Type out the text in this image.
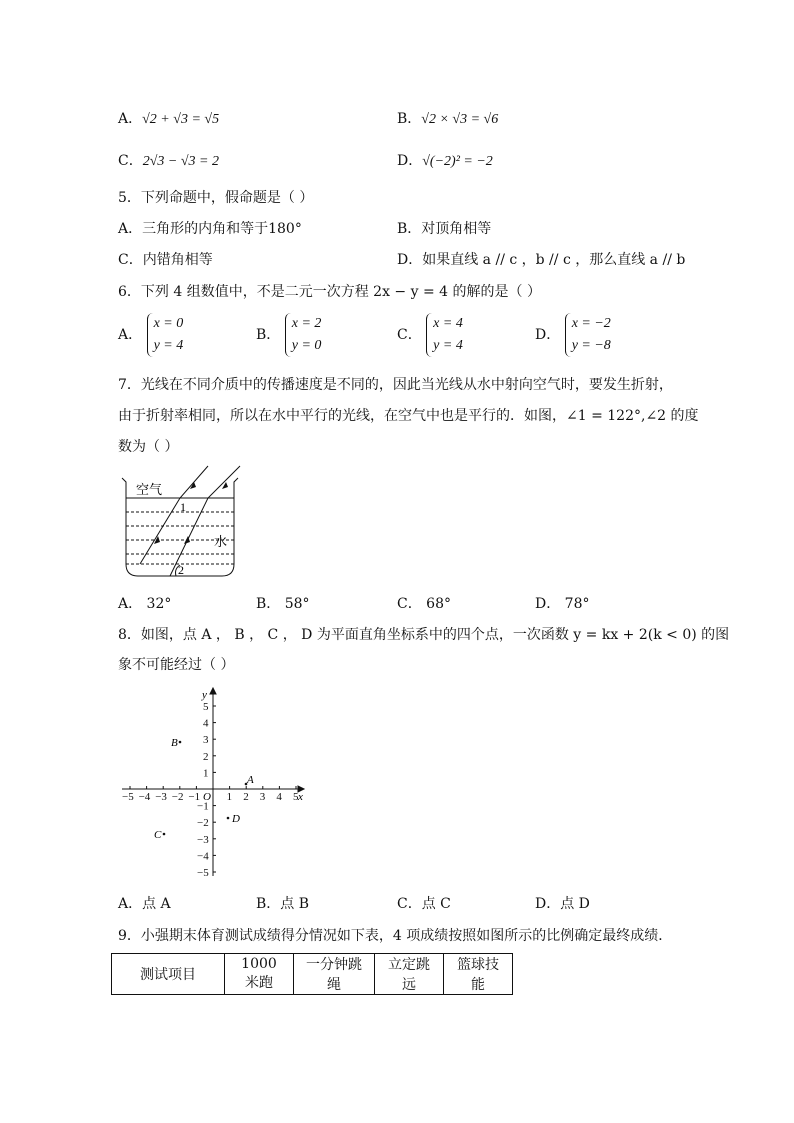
A．√2 + √3 = √5	B．√2 × √3 = √6
C．2√3 − √3 = 2	D．√(−2)² = −2
5．下列命题中，假命题是（ ）
A．三角形的内角和等于180°	B．对顶角相等
C．内错角相等	D．如果直线 a // c ，b // c ，那么直线 a // b
6．下列 4 组数值中，不是二元一次方程 2x − y = 4 的解的是（ ）
A． x = 0
y = 4
B． x = 2
y = 0
C． x = 4
y = 4
D． x = −2
y = −8
7．光线在不同介质中的传播速度是不同的，因此当光线从水中射向空气时，要发生折射，
由于折射率相同，所以在水中平行的光线，在空气中也是平行的．如图，∠1 = 122°,∠2 的度
数为（ ）
空气
水
1
2
A． 32°	B． 58°	C． 68°	D． 78°
8．如图，点 A ， B ， C ， D 为平面直角坐标系中的四个点，一次函数 y = kx + 2(k < 0) 的图
象不可能经过（ ）
−5
−5
−4
−4
−3
−3
−2
−2
−1
−1
1
1
2
2
3
3
4
4
5
5
x
y
O
B
A
D
C
A．点 A	B．点 B	C．点 C	D．点 D
9．小强期末体育测试成绩得分情况如下表，4 项成绩按照如图所示的比例确定最终成绩．
测试项目	1000 米跑	一分钟跳绳	立定跳远	篮球技能
